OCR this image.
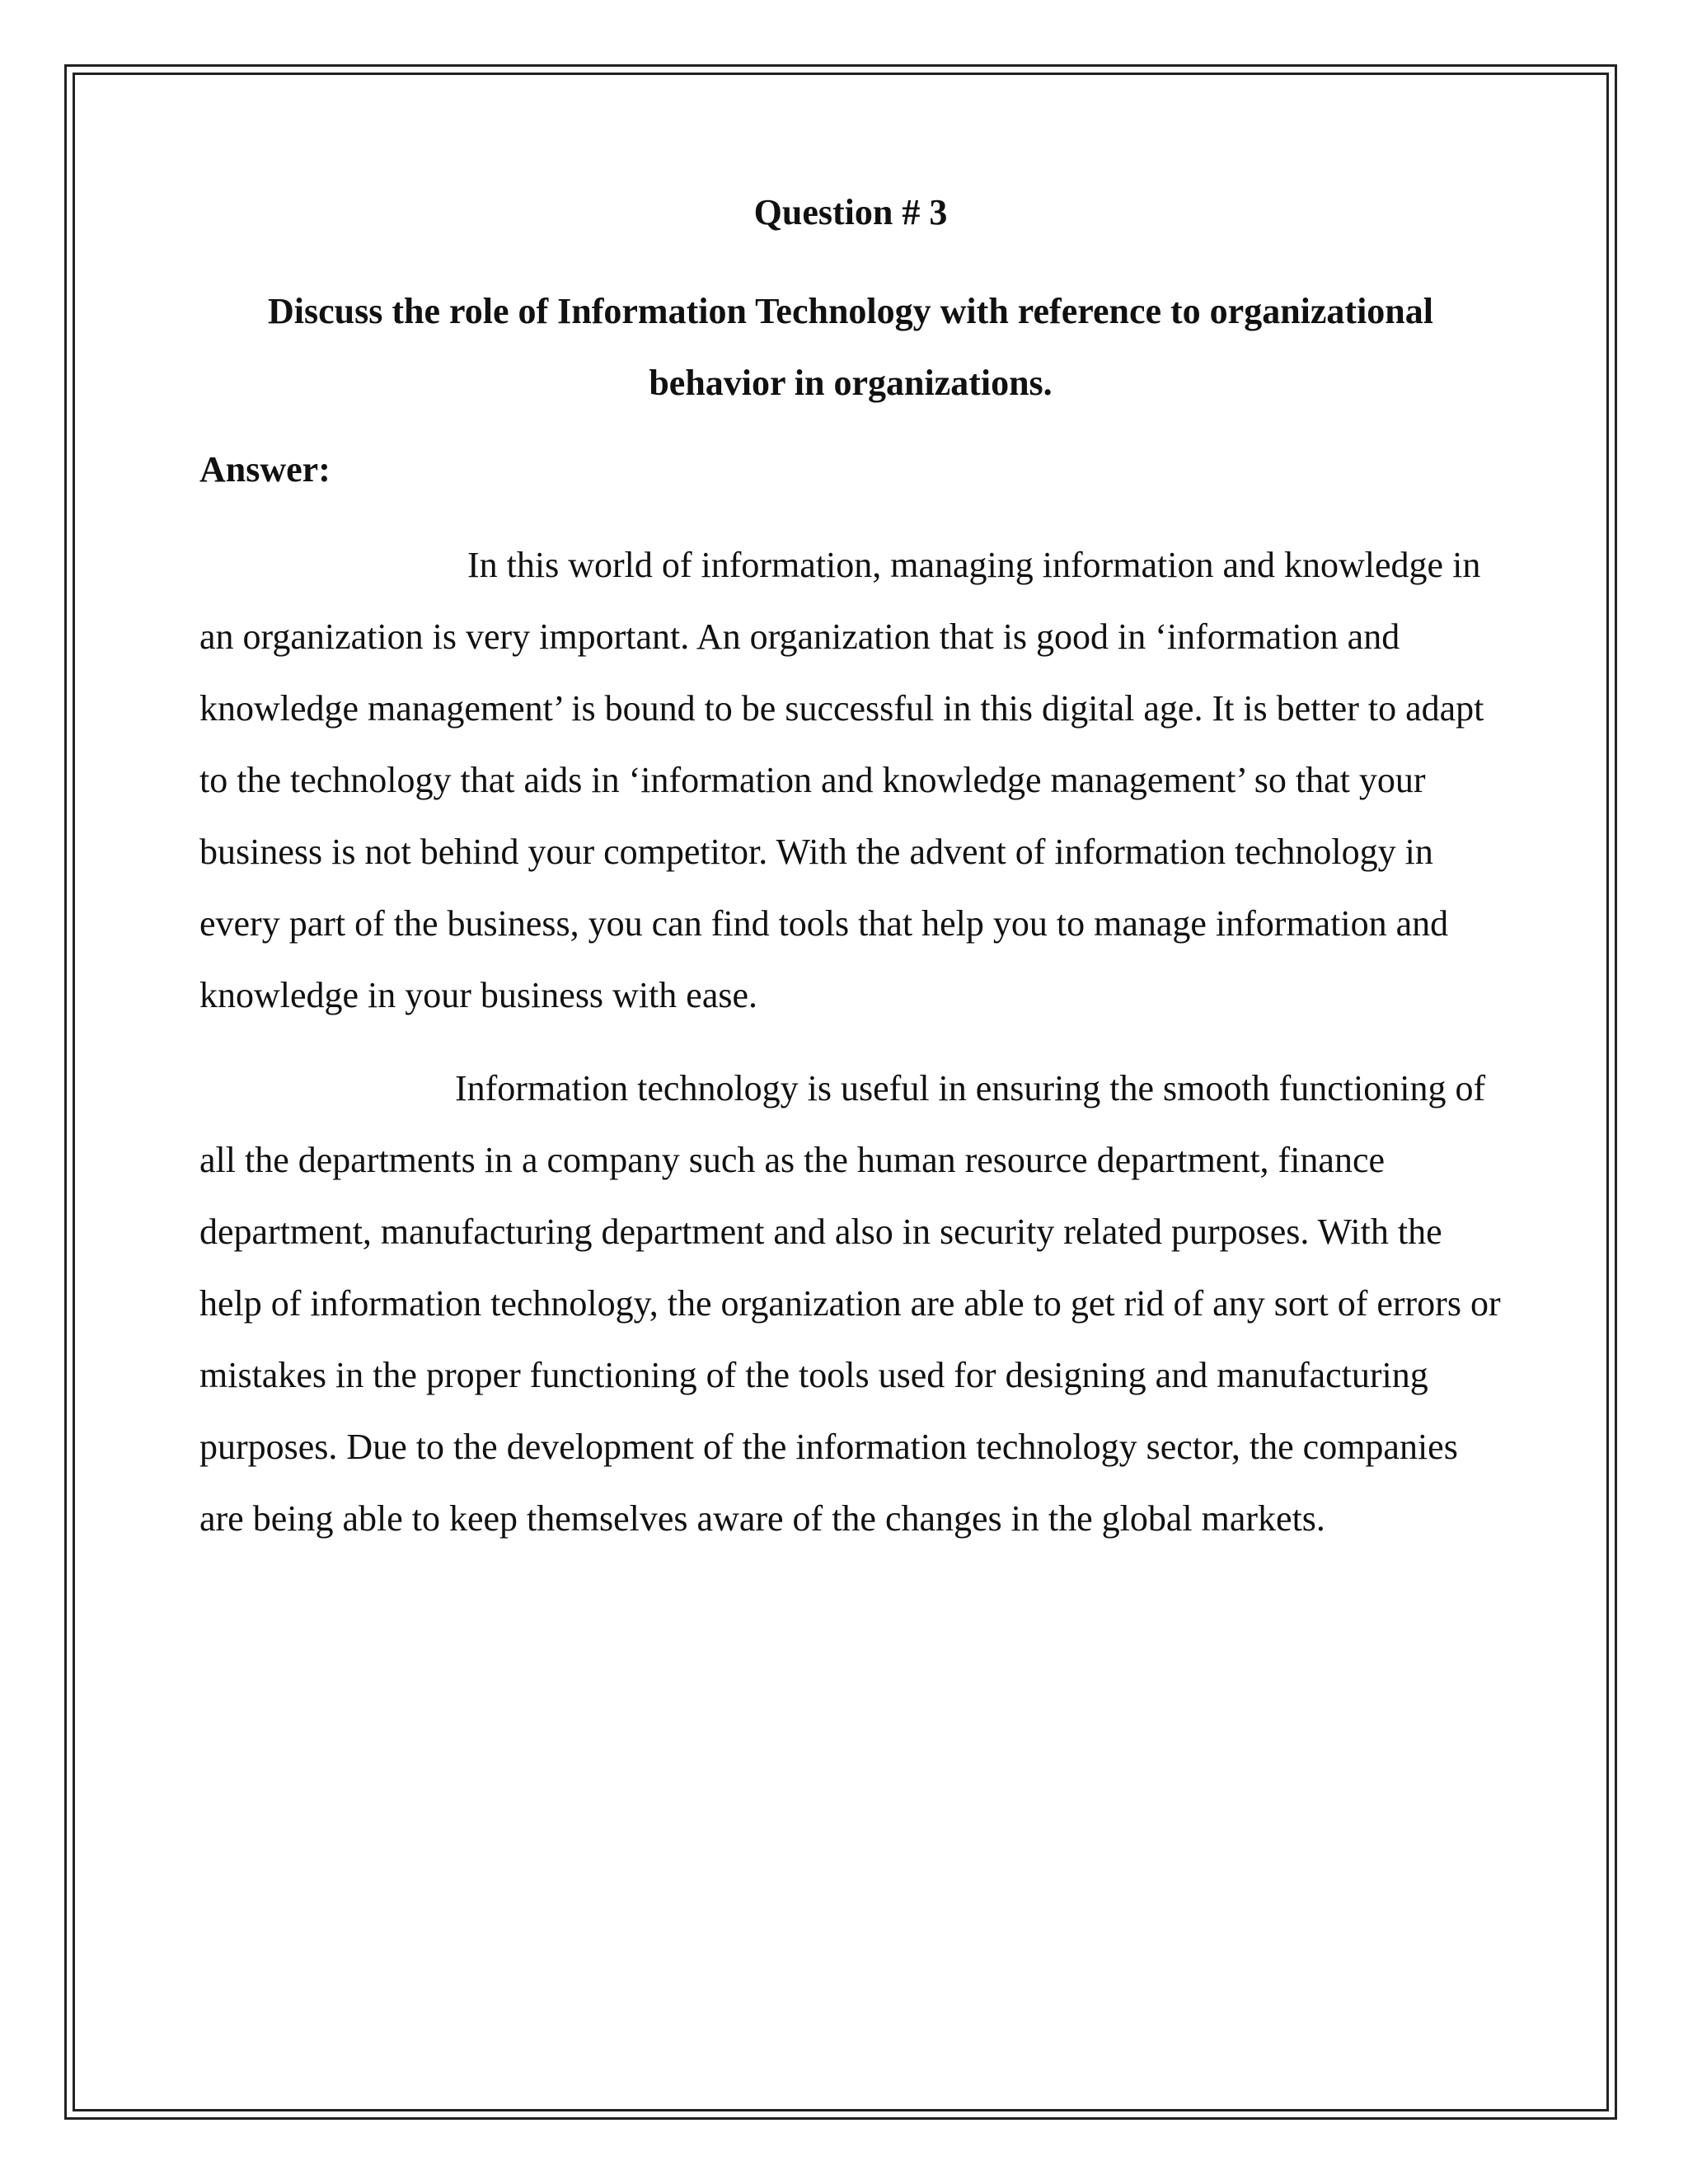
Question # 3

Discuss the role of Information Technology with reference to organizational behavior in organizations.

Answer:

In this world of information, managing information and knowledge in an organization is very important. An organization that is good in ‘information and knowledge management’ is bound to be successful in this digital age. It is better to adapt to the technology that aids in ‘information and knowledge management’ so that your business is not behind your competitor. With the advent of information technology in every part of the business, you can find tools that help you to manage information and knowledge in your business with ease.

Information technology is useful in ensuring the smooth functioning of all the departments in a company such as the human resource department, finance department, manufacturing department and also in security related purposes. With the help of information technology, the organization are able to get rid of any sort of errors or mistakes in the proper functioning of the tools used for designing and manufacturing purposes. Due to the development of the information technology sector, the companies are being able to keep themselves aware of the changes in the global markets.
